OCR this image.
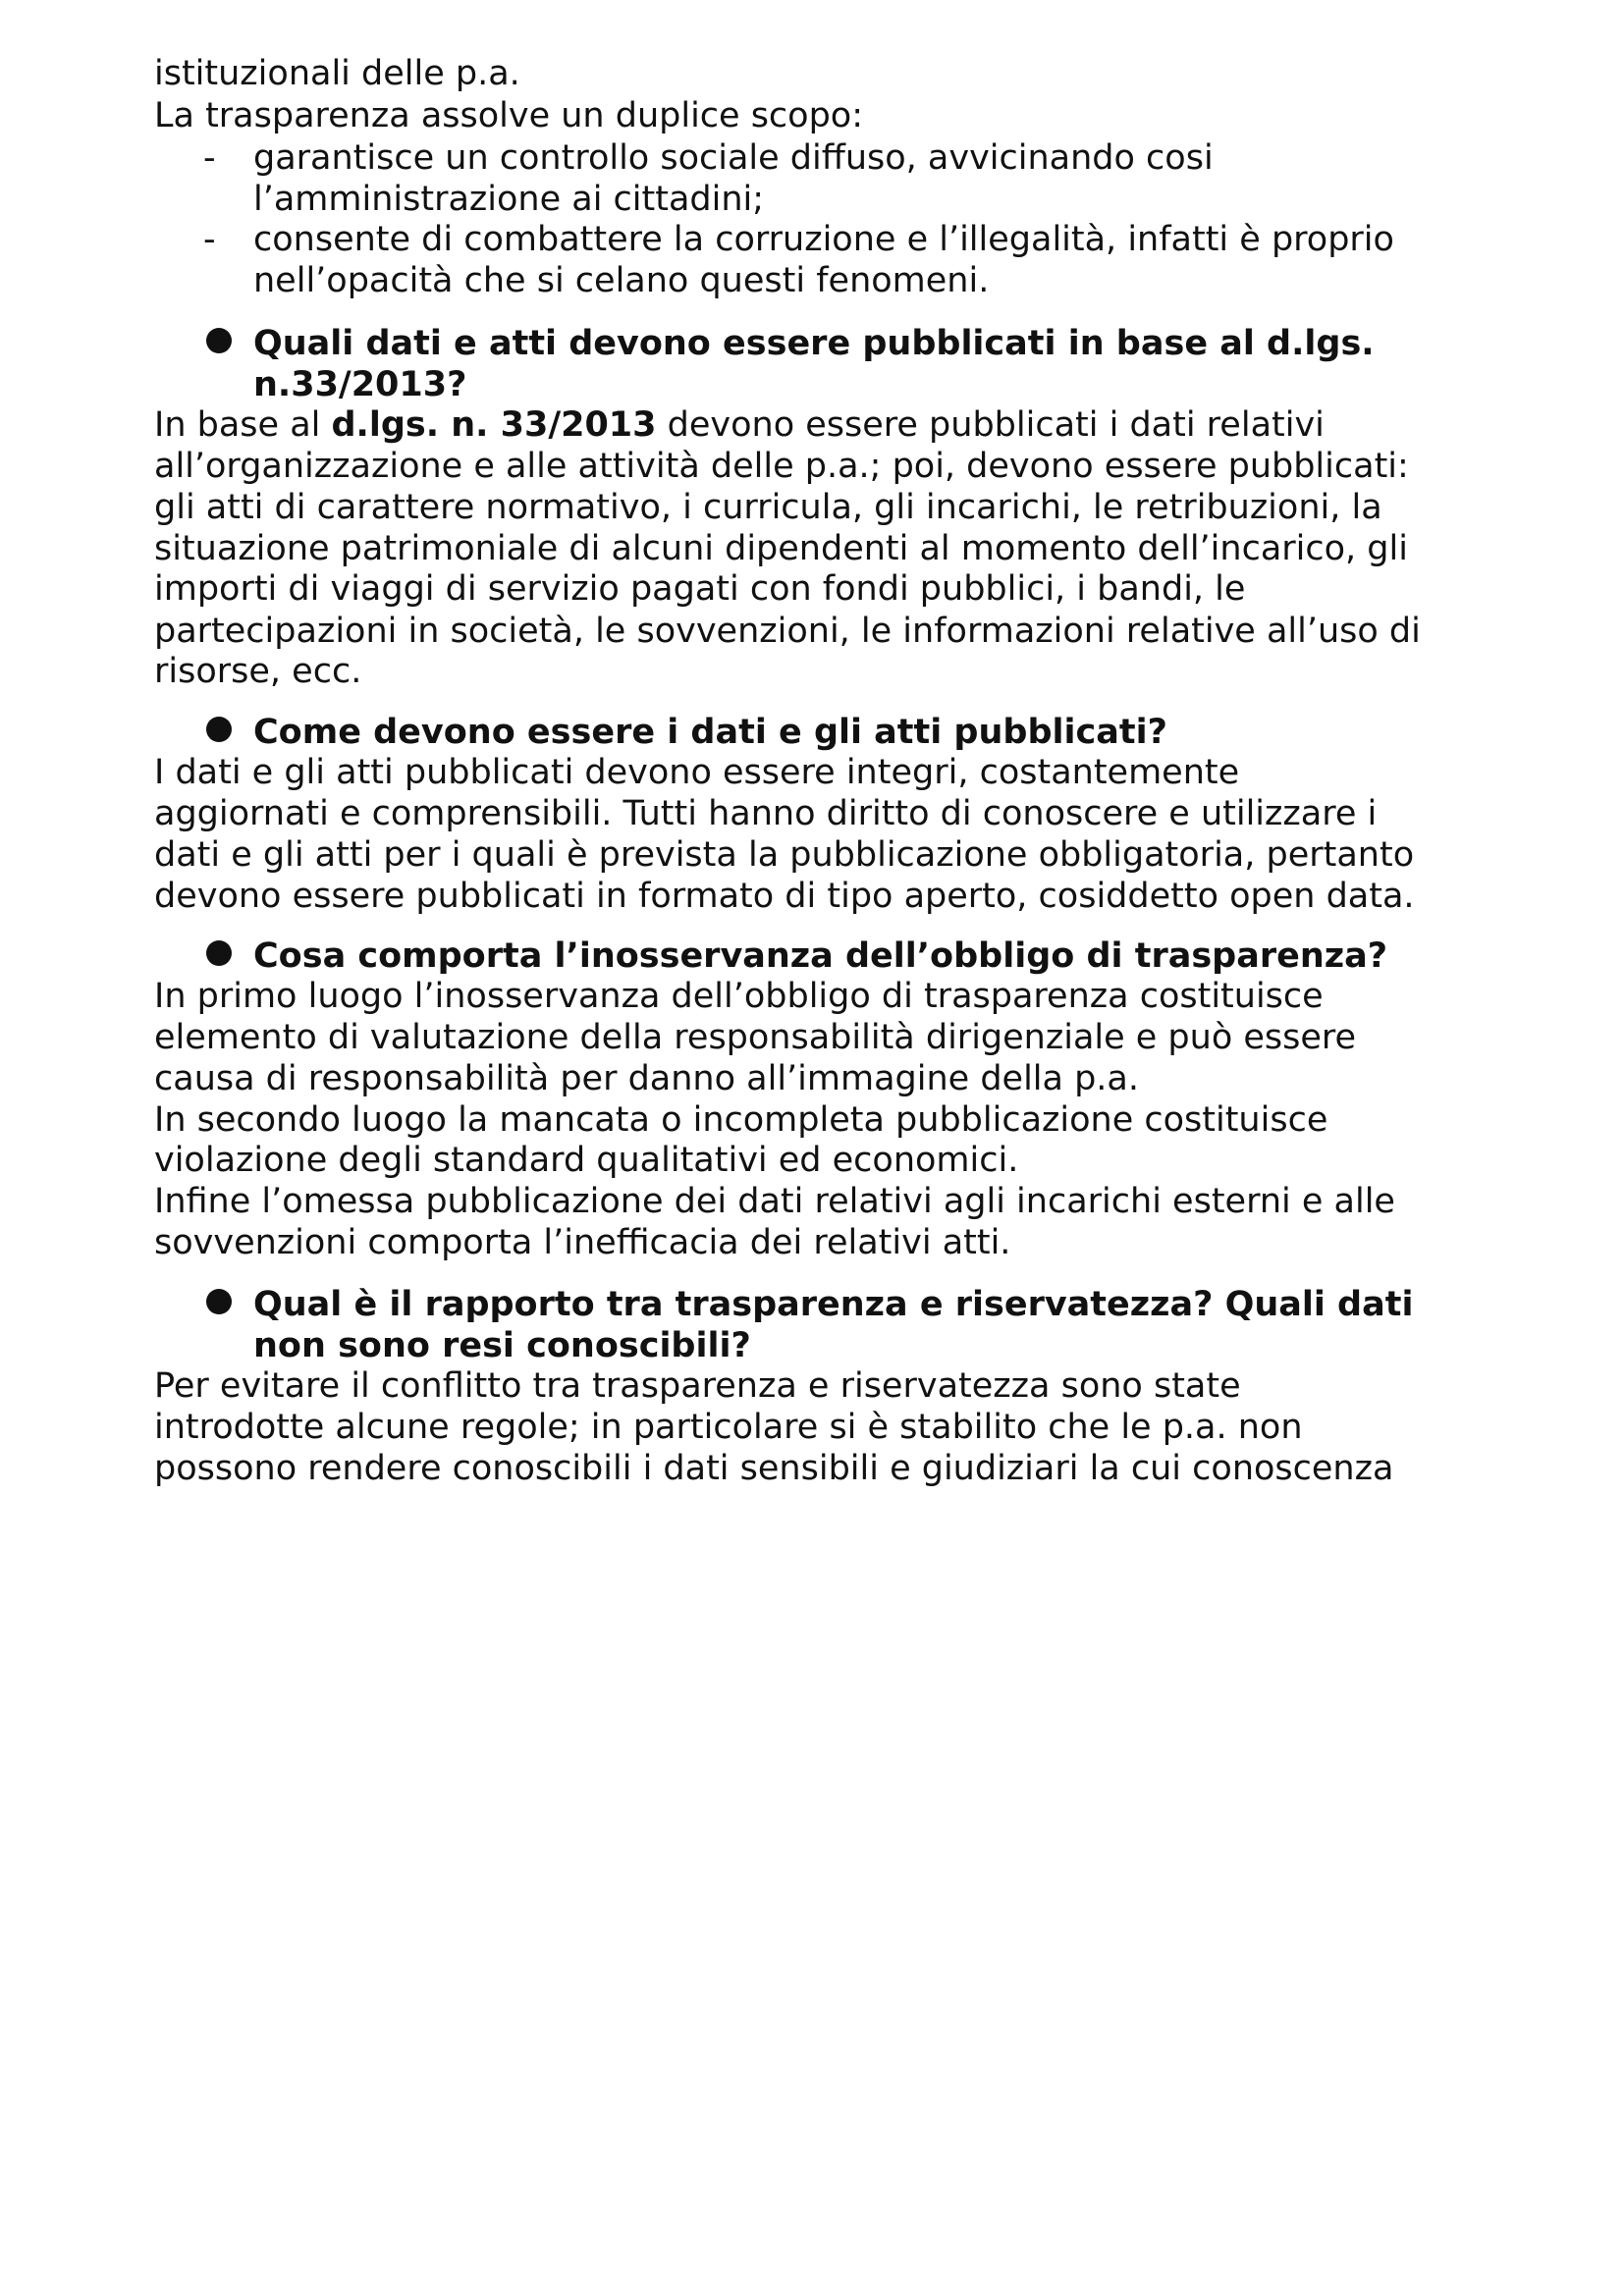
istituzionali delle p.a.
La trasparenza assolve un duplice scopo:
- garantisce un controllo sociale diffuso, avvicinando cosi
l’amministrazione ai cittadini;
- consente di combattere la corruzione e l’illegalità, infatti è proprio
nell’opacità che si celano questi fenomeni.
Quali dati e atti devono essere pubblicati in base al d.lgs.
n.33/2013?
In base al d.lgs. n. 33/2013 devono essere pubblicati i dati relativi
all’organizzazione e alle attività delle p.a.; poi, devono essere pubblicati:
gli atti di carattere normativo, i curricula, gli incarichi, le retribuzioni, la
situazione patrimoniale di alcuni dipendenti al momento dell’incarico, gli
importi di viaggi di servizio pagati con fondi pubblici, i bandi, le
partecipazioni in società, le sovvenzioni, le informazioni relative all’uso di
risorse, ecc.
Come devono essere i dati e gli atti pubblicati?
I dati e gli atti pubblicati devono essere integri, costantemente
aggiornati e comprensibili. Tutti hanno diritto di conoscere e utilizzare i
dati e gli atti per i quali è prevista la pubblicazione obbligatoria, pertanto
devono essere pubblicati in formato di tipo aperto, cosiddetto open data.
Cosa comporta l’inosservanza dell’obbligo di trasparenza?
In primo luogo l’inosservanza dell’obbligo di trasparenza costituisce
elemento di valutazione della responsabilità dirigenziale e può essere
causa di responsabilità per danno all’immagine della p.a.
In secondo luogo la mancata o incompleta pubblicazione costituisce
violazione degli standard qualitativi ed economici.
Infine l’omessa pubblicazione dei dati relativi agli incarichi esterni e alle
sovvenzioni comporta l’inefficacia dei relativi atti.
Qual è il rapporto tra trasparenza e riservatezza? Quali dati
non sono resi conoscibili?
Per evitare il conflitto tra trasparenza e riservatezza sono state
introdotte alcune regole; in particolare si è stabilito che le p.a. non
possono rendere conoscibili i dati sensibili e giudiziari la cui conoscenza
